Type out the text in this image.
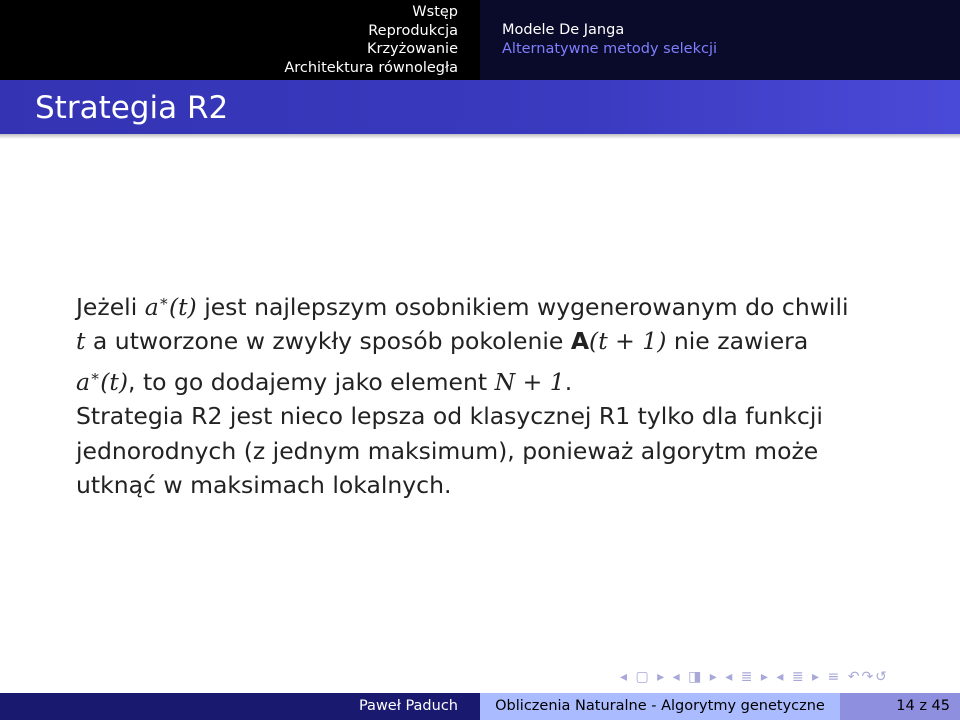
Wstęp
Reprodukcja
Krzyżowanie
Architektura równoległa
Modele De Janga
Alternatywne metody selekcji
Strategia R2

Jeżeli a∗(t) jest najlepszym osobnikiem wygenerowanym do chwili
t a utworzone w zwykły sposób pokolenie A(t + 1) nie zawiera
a∗(t), to go dodajemy jako element N + 1.

Strategia R2 jest nieco lepsza od klasycznej R1 tylko dla funkcji jednorodnych (z jednym maksimum), ponieważ algorytm może utknąć w maksimach lokalnych.

◂ ▢ ▸ ◂ ◨ ▸ ◂ ≣ ▸ ◂ ≣ ▸ ≡ ↶↷↺
Paweł Paduch	Obliczenia Naturalne - Algorytmy genetyczne	14 z 45
